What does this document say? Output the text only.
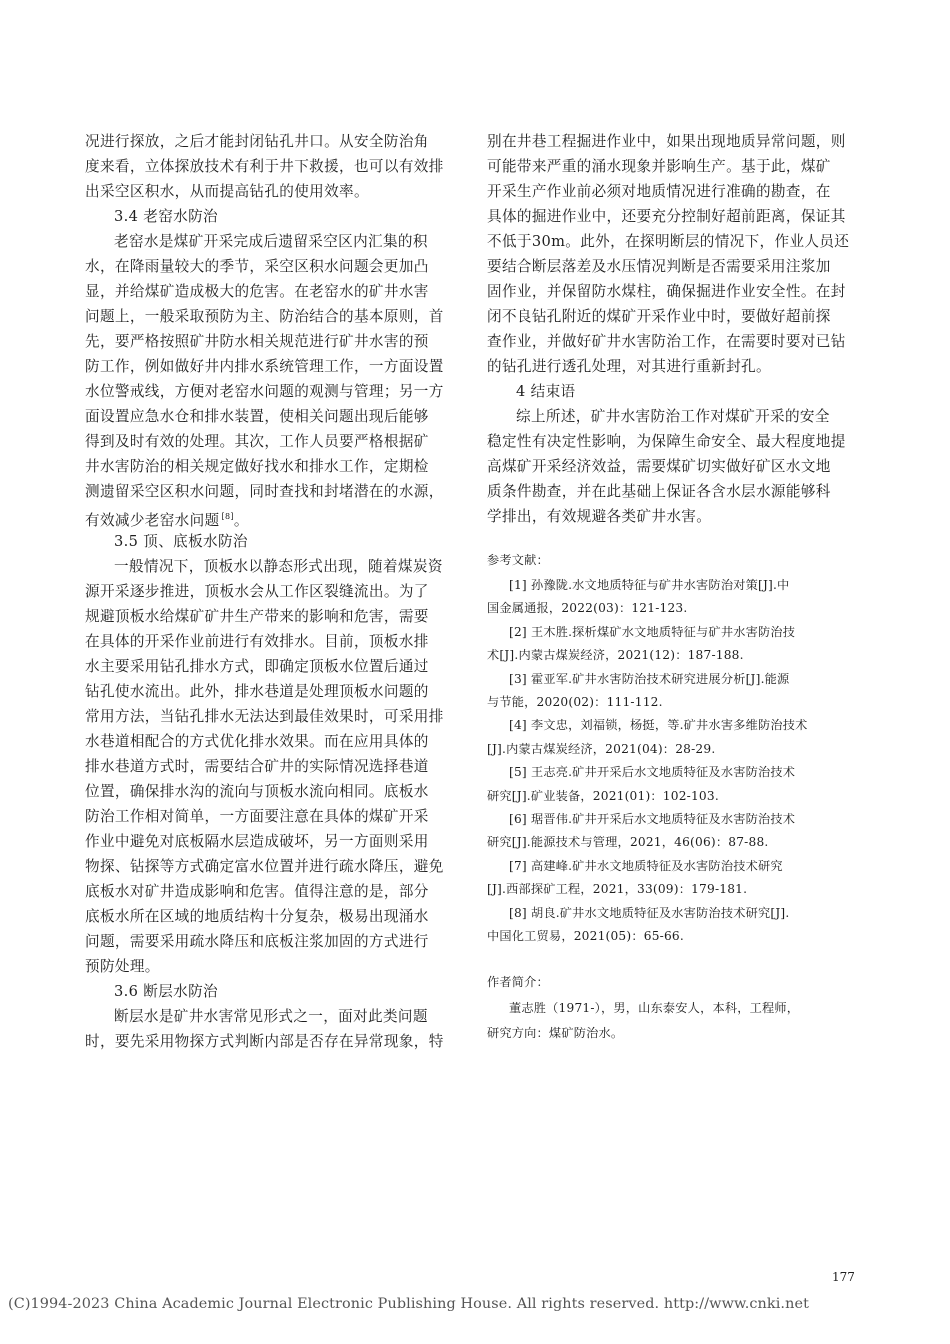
况进行探放，之后才能封闭钻孔井口。从安全防治角
度来看，立体探放技术有利于井下救援，也可以有效排
出采空区积水，从而提高钻孔的使用效率。
3.4 老窑水防治
老窑水是煤矿开采完成后遗留采空区内汇集的积
水，在降雨量较大的季节，采空区积水问题会更加凸
显，并给煤矿造成极大的危害。在老窑水的矿井水害
问题上，一般采取预防为主、防治结合的基本原则，首
先，要严格按照矿井防水相关规范进行矿井水害的预
防工作，例如做好井内排水系统管理工作，一方面设置
水位警戒线，方便对老窑水问题的观测与管理；另一方
面设置应急水仓和排水装置，使相关问题出现后能够
得到及时有效的处理。其次，工作人员要严格根据矿
井水害防治的相关规定做好找水和排水工作，定期检
测遗留采空区积水问题，同时查找和封堵潜在的水源，
有效减少老窑水问题 [8]。
3.5 顶、底板水防治
一般情况下，顶板水以静态形式出现，随着煤炭资
源开采逐步推进，顶板水会从工作区裂缝流出。为了
规避顶板水给煤矿矿井生产带来的影响和危害，需要
在具体的开采作业前进行有效排水。目前，顶板水排
水主要采用钻孔排水方式，即确定顶板水位置后通过
钻孔使水流出。此外，排水巷道是处理顶板水问题的
常用方法，当钻孔排水无法达到最佳效果时，可采用排
水巷道相配合的方式优化排水效果。而在应用具体的
排水巷道方式时，需要结合矿井的实际情况选择巷道
位置，确保排水沟的流向与顶板水流向相同。底板水
防治工作相对简单，一方面要注意在具体的煤矿开采
作业中避免对底板隔水层造成破坏，另一方面则采用
物探、钻探等方式确定富水位置并进行疏水降压，避免
底板水对矿井造成影响和危害。值得注意的是，部分
底板水所在区域的地质结构十分复杂，极易出现涌水
问题，需要采用疏水降压和底板注浆加固的方式进行
预防处理。
3.6 断层水防治
断层水是矿井水害常见形式之一，面对此类问题
时，要先采用物探方式判断内部是否存在异常现象，特
别在井巷工程掘进作业中，如果出现地质异常问题，则
可能带来严重的涌水现象并影响生产。基于此，煤矿
开采生产作业前必须对地质情况进行准确的勘查，在
具体的掘进作业中，还要充分控制好超前距离，保证其
不低于30m。此外，在探明断层的情况下，作业人员还
要结合断层落差及水压情况判断是否需要采用注浆加
固作业，并保留防水煤柱，确保掘进作业安全性。在封
闭不良钻孔附近的煤矿开采作业中时，要做好超前探
查作业，并做好矿井水害防治工作，在需要时要对已钻
的钻孔进行透孔处理，对其进行重新封孔。
4 结束语
综上所述，矿井水害防治工作对煤矿开采的安全
稳定性有决定性影响，为保障生命安全、最大程度地提
高煤矿开采经济效益，需要煤矿切实做好矿区水文地
质条件勘查，并在此基础上保证各含水层水源能够科
学排出，有效规避各类矿井水害。
参考文献：
[1] 孙豫陇.水文地质特征与矿井水害防治对策[J].中
国金属通报，2022(03)：121-123.
[2] 王木胜.探析煤矿水文地质特征与矿井水害防治技
术[J].内蒙古煤炭经济，2021(12)：187-188.
[3] 霍亚军.矿井水害防治技术研究进展分析[J].能源
与节能，2020(02)：111-112.
[4] 李文忠，刘福锁，杨挺，等.矿井水害多维防治技术
[J].内蒙古煤炭经济，2021(04)：28-29.
[5] 王志亮.矿井开采后水文地质特征及水害防治技术
研究[J].矿业装备，2021(01)：102-103.
[6] 琚晋伟.矿井开采后水文地质特征及水害防治技术
研究[J].能源技术与管理，2021，46(06)：87-88.
[7] 高建峰.矿井水文地质特征及水害防治技术研究
[J].西部探矿工程，2021，33(09)：179-181.
[8] 胡良.矿井水文地质特征及水害防治技术研究[J].
中国化工贸易，2021(05)：65-66.
作者简介：
董志胜（1971-），男，山东泰安人，本科，工程师，
研究方向：煤矿防治水。
177
(C)1994-2023 China Academic Journal Electronic Publishing House. All rights reserved. http://www.cnki.net
